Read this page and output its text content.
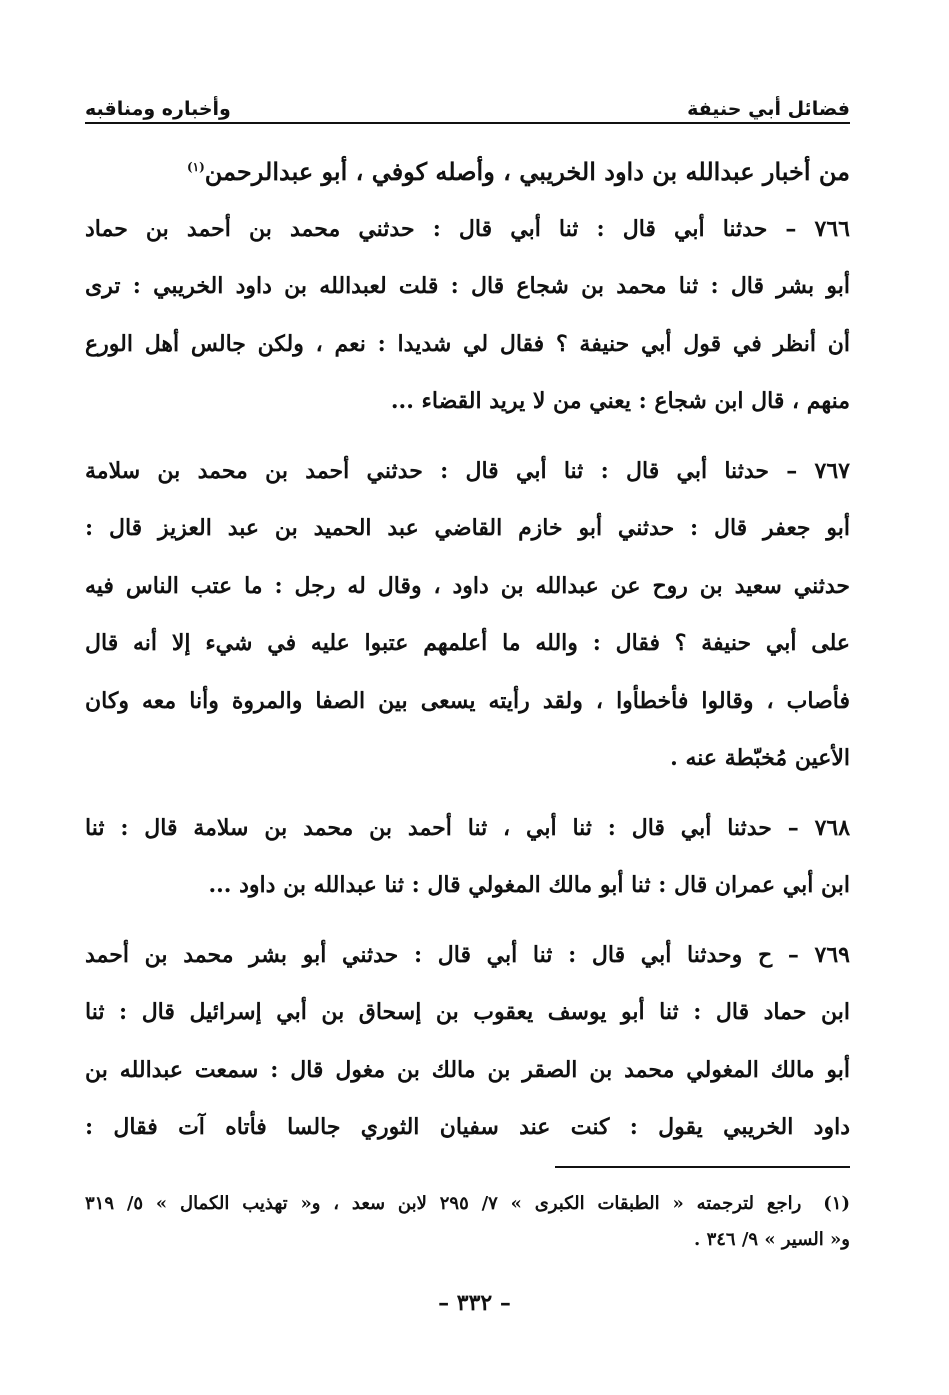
فضائل أبي حنيفة
وأخباره ومناقبه
من أخبار عبدالله بن داود الخريبي ، وأصله كوفي ، أبو عبدالرحمن$^{(١)}$
٧٦٦ – حدثنا أبي قال : ثنا أبي قال : حدثني محمد بن أحمد بن حماد
أبو بشر قال : ثنا محمد بن شجاع قال : قلت لعبدالله بن داود الخريبي : ترى
أن أنظر في قول أبي حنيفة ؟ فقال لي شديدا : نعم ، ولكن جالس أهل الورع
منهم ، قال ابن شجاع : يعني من لا يريد القضاء ...
٧٦٧ – حدثنا أبي قال : ثنا أبي قال : حدثني أحمد بن محمد بن سلامة
أبو جعفر قال : حدثني أبو خازم القاضي عبد الحميد بن عبد العزيز قال :
حدثني سعيد بن روح عن عبدالله بن داود ، وقال له رجل : ما عتب الناس فيه
على أبي حنيفة ؟ فقال : والله ما أعلمهم عتبوا عليه في شيء إلا أنه قال
فأصاب ، وقالوا فأخطأوا ، ولقد رأيته يسعى بين الصفا والمروة وأنا معه وكان
الأعين مُخبّطة عنه .
٧٦٨ – حدثنا أبي قال : ثنا أبي ، ثنا أحمد بن محمد بن سلامة قال : ثنا
ابن أبي عمران قال : ثنا أبو مالك المغولي قال : ثنا عبدالله بن داود ...
٧٦٩ – ح وحدثنا أبي قال : ثنا أبي قال : حدثني أبو بشر محمد بن أحمد
ابن حماد قال : ثنا أبو يوسف يعقوب بن إسحاق بن أبي إسرائيل قال : ثنا
أبو مالك المغولي محمد بن الصقر بن مالك بن مغول قال : سمعت عبدالله بن
داود الخريبي يقول : كنت عند سفيان الثوري جالسا فأتاه آت فقال :
(١)راجع لترجمته « الطبقات الكبرى » ٧/ ٢٩٥ لابن سعد ، و« تهذيب الكمال » ٥/ ٣١٩
و« السير » ٩/ ٣٤٦ .
– ٣٣٢ –
